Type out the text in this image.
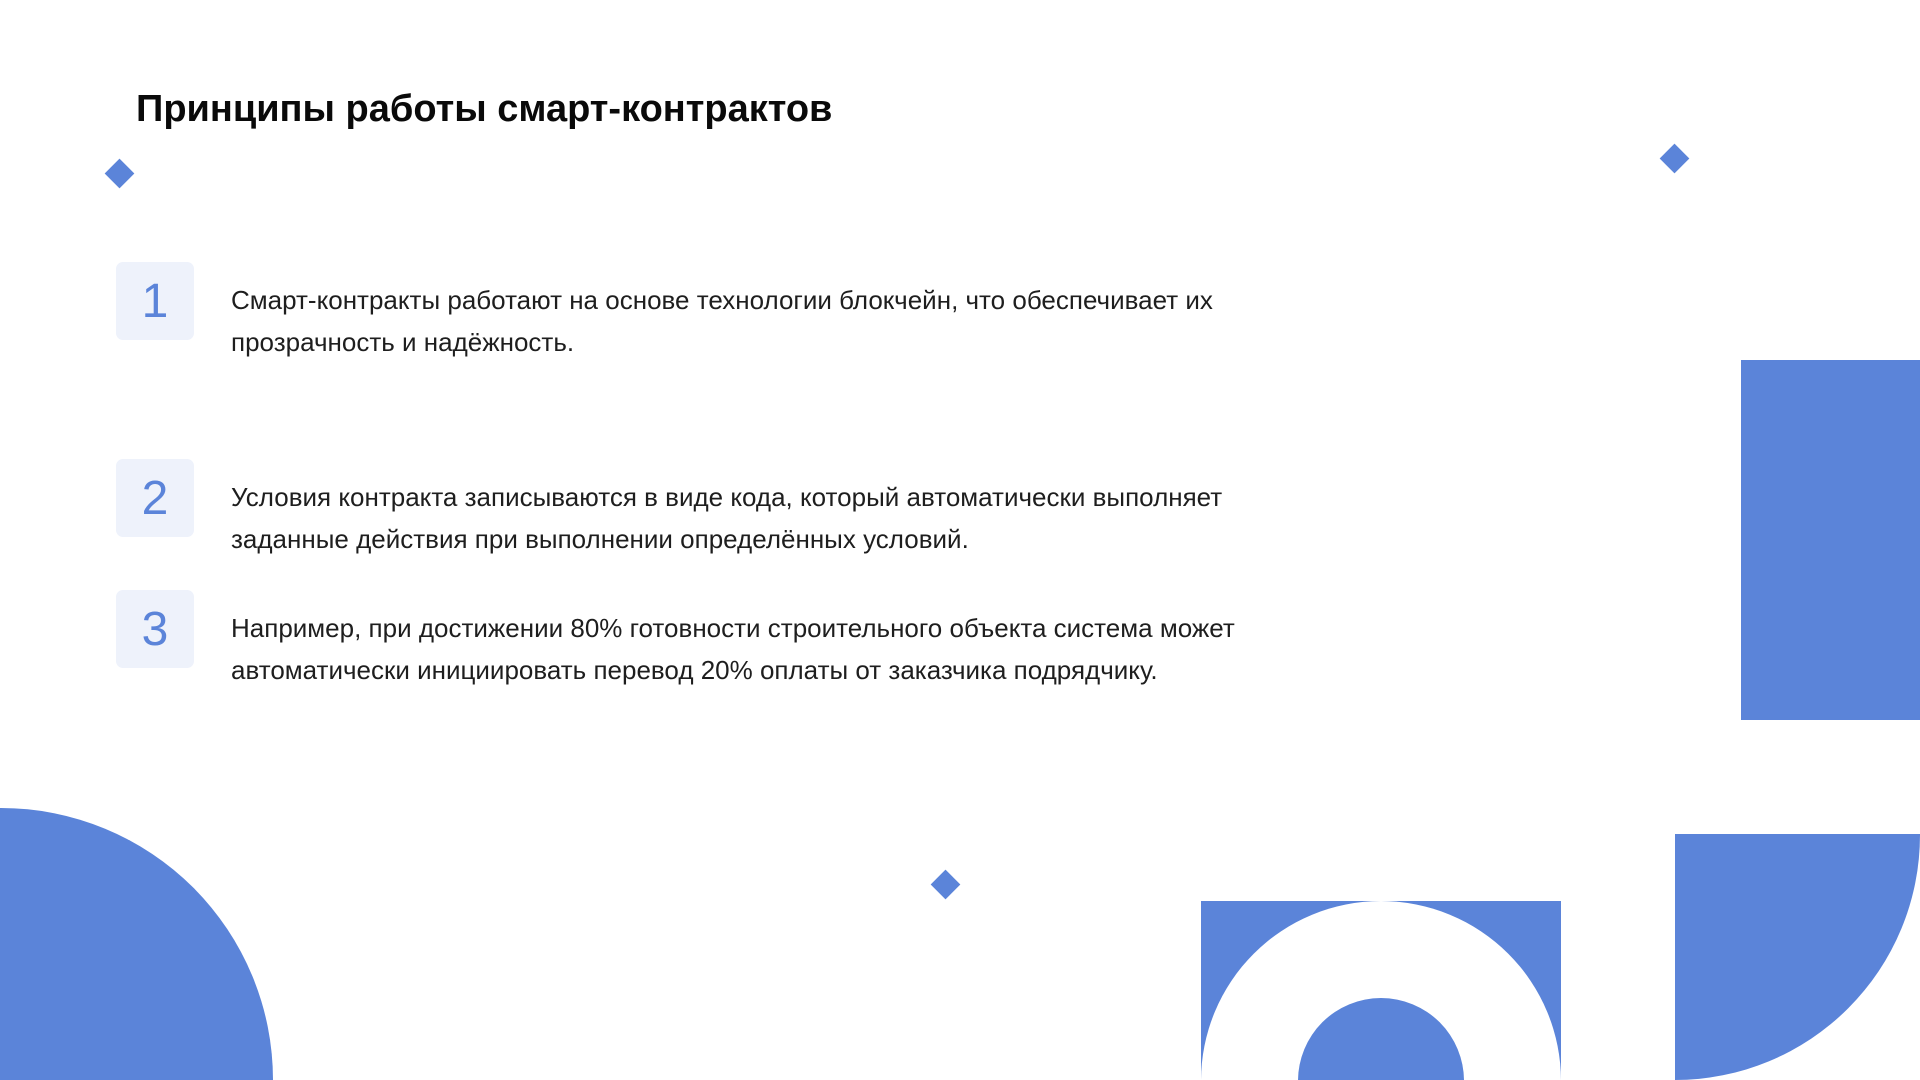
Принципы работы смарт-контрактов
1	Смарт-контракты работают на основе технологии блокчейн, что обеспечивает их прозрачность и надёжность.
2	Условия контракта записываются в виде кода, который автоматически выполняет заданные действия при выполнении определённых условий.
3	Например, при достижении 80% готовности строительного объекта система может автоматически инициировать перевод 20% оплаты от заказчика подрядчику.
